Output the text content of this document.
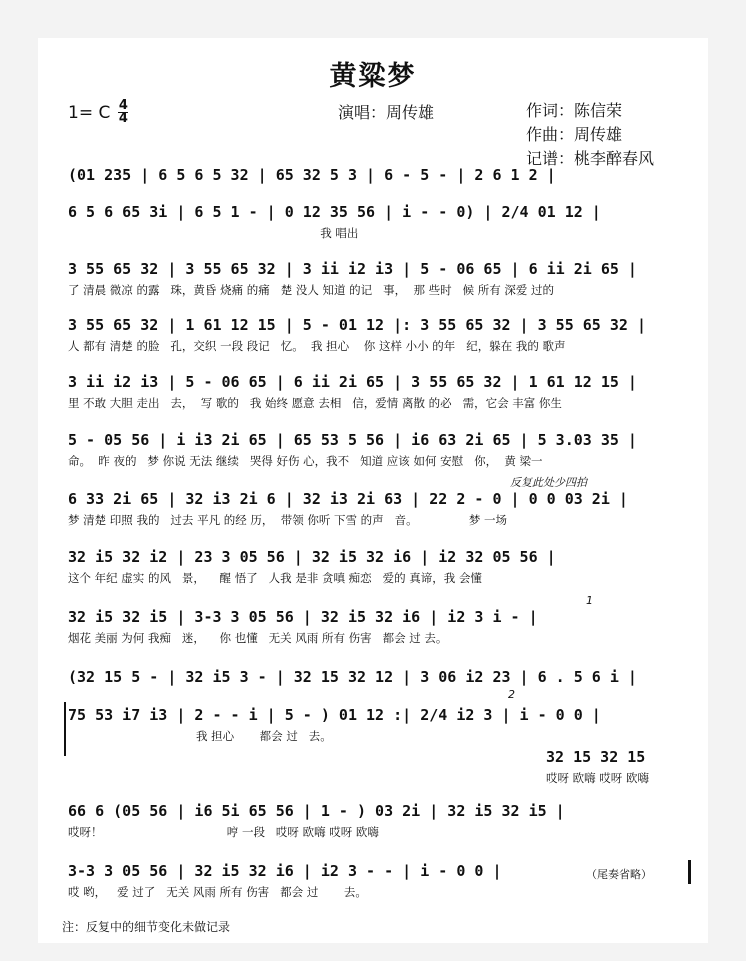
黄粱梦
1= C $\frac{4}{4}$	演唱：周传雄	作词：陈信荣
作曲：周传雄
记谱：桃李醉春风
(01 235 | 6 5 6 5 32 | 65 32 5 3 | 6 - 5 - | 2 6 1 2 |
6 5 6 65 3i | 6 5 1 - | 0 12 35 56 | i - - 0) | 2/4 01 12 |
我 唱出
3 55 65 32 | 3 55 65 32 | 3 ii i2 i3 | 5 - 06 65 | 6 ii 2i 65 |
了 清晨 微凉 的露   珠，黄昏 烧痛 的痛   楚 没人 知道 的记   事，  那 些时   候 所有 深爱 过的
3 55 65 32 | 1 61 12 15 | 5 - 01 12 |: 3 55 65 32 | 3 55 65 32 |
人 都有 清楚 的脸   孔，交织 一段 段记   忆。  我 担心    你 这样 小小 的年   纪，躲在 我的 歌声
3 ii i2 i3 | 5 - 06 65 | 6 ii 2i 65 | 3 55 65 32 | 1 61 12 15 |
里 不敢 大胆 走出   去，  写 歌的   我 始终 愿意 去相   信，爱情 离散 的必   需，它会 丰富 你生
5 - 05 56 | i i3 2i 65 | 65 53 5 56 | i6 63 2i 65 | 5 3.03 35 |
命。  昨 夜的   梦 你说 无法 继续   哭得 好伤 心，我不   知道 应该 如何 安慰   你，  黄 梁一
反复此处少四拍
6 33 2i 65 | 32 i3 2i 6 | 32 i3 2i 63 | 22 2 - 0 | 0 0 03 2i |
梦 清楚 印照 我的   过去 平凡 的经 历，  带领 你听 下雪 的声   音。              梦 一场
32 i5 32 i2 | 23 3 05 56 | 32 i5 32 i6 | i2 32 05 56 |
这个 年纪 虚实 的风   景，    醒 悟了   人我 是非 贪嗔 痴恋   爱的 真谛，我 会懂
1
32 i5 32 i5 | 3-3 3 05 56 | 32 i5 32 i6 | i2 3 i - |
烟花 美丽 为何 我痴   迷，    你 也懂   无关 风雨 所有 伤害   都会 过 去。
(32 15 5 - | 32 i5 3 - | 32 15 32 12 | 3 06 i2 23 | 6 . 5 6 i |
2
75 53 i7 i3 | 2 - - i | 5 - ) 01 12 :| 2/4 i2 3 | i - 0 0 |
我 担心       都会 过   去。
32 15 32 15
哎呀 欧嗨 哎呀 欧嗨
66 6 (05 56 | i6 5i 65 56 | 1 - ) 03 2i | 32 i5 32 i5 |
哎呀！                                  哼 一段   哎呀 欧嗨 哎呀 欧嗨
3-3 3 05 56 | 32 i5 32 i6 | i2 3 - - | i - 0 0 |
哎 哟，   爱 过了   无关 风雨 所有 伤害   都会 过       去。
（尾奏省略）
注：反复中的细节变化未做记录
